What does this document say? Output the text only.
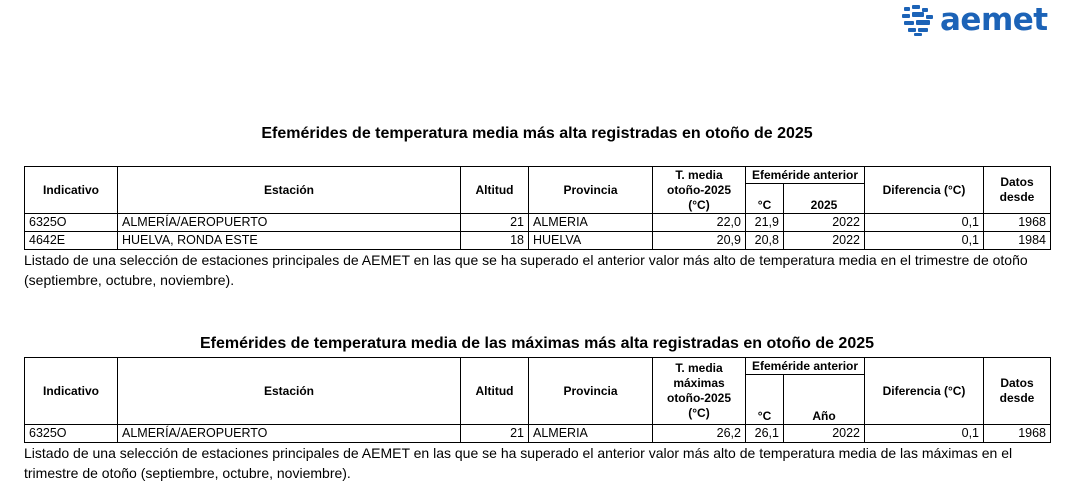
aemet

Efemérides de temperatura media más alta registradas en otoño de 2025

Indicativo	Estación	Altitud	Provincia	T. media otoño-2025 (°C)	Efeméride anterior		Diferencia (°C)	Datos desde
					°C	2025		
6325O	ALMERÍA/AEROPUERTO	21	ALMERIA	22,0	21,9	2022	0,1	1968
4642E	HUELVA, RONDA ESTE	18	HUELVA	20,9	20,8	2022	0,1	1984

Listado de una selección de estaciones principales de AEMET en las que se ha superado el anterior valor más alto de temperatura media en el trimestre de otoño (septiembre, octubre, noviembre).

Efemérides de temperatura media de las máximas más alta registradas en otoño de 2025

Indicativo	Estación	Altitud	Provincia	T. media máximas otoño-2025 (°C)	Efeméride anterior		Diferencia (°C)	Datos desde
					°C	Año		
6325O	ALMERÍA/AEROPUERTO	21	ALMERIA	26,2	26,1	2022	0,1	1968

Listado de una selección de estaciones principales de AEMET en las que se ha superado el anterior valor más alto de temperatura media de las máximas en el trimestre de otoño (septiembre, octubre, noviembre).
